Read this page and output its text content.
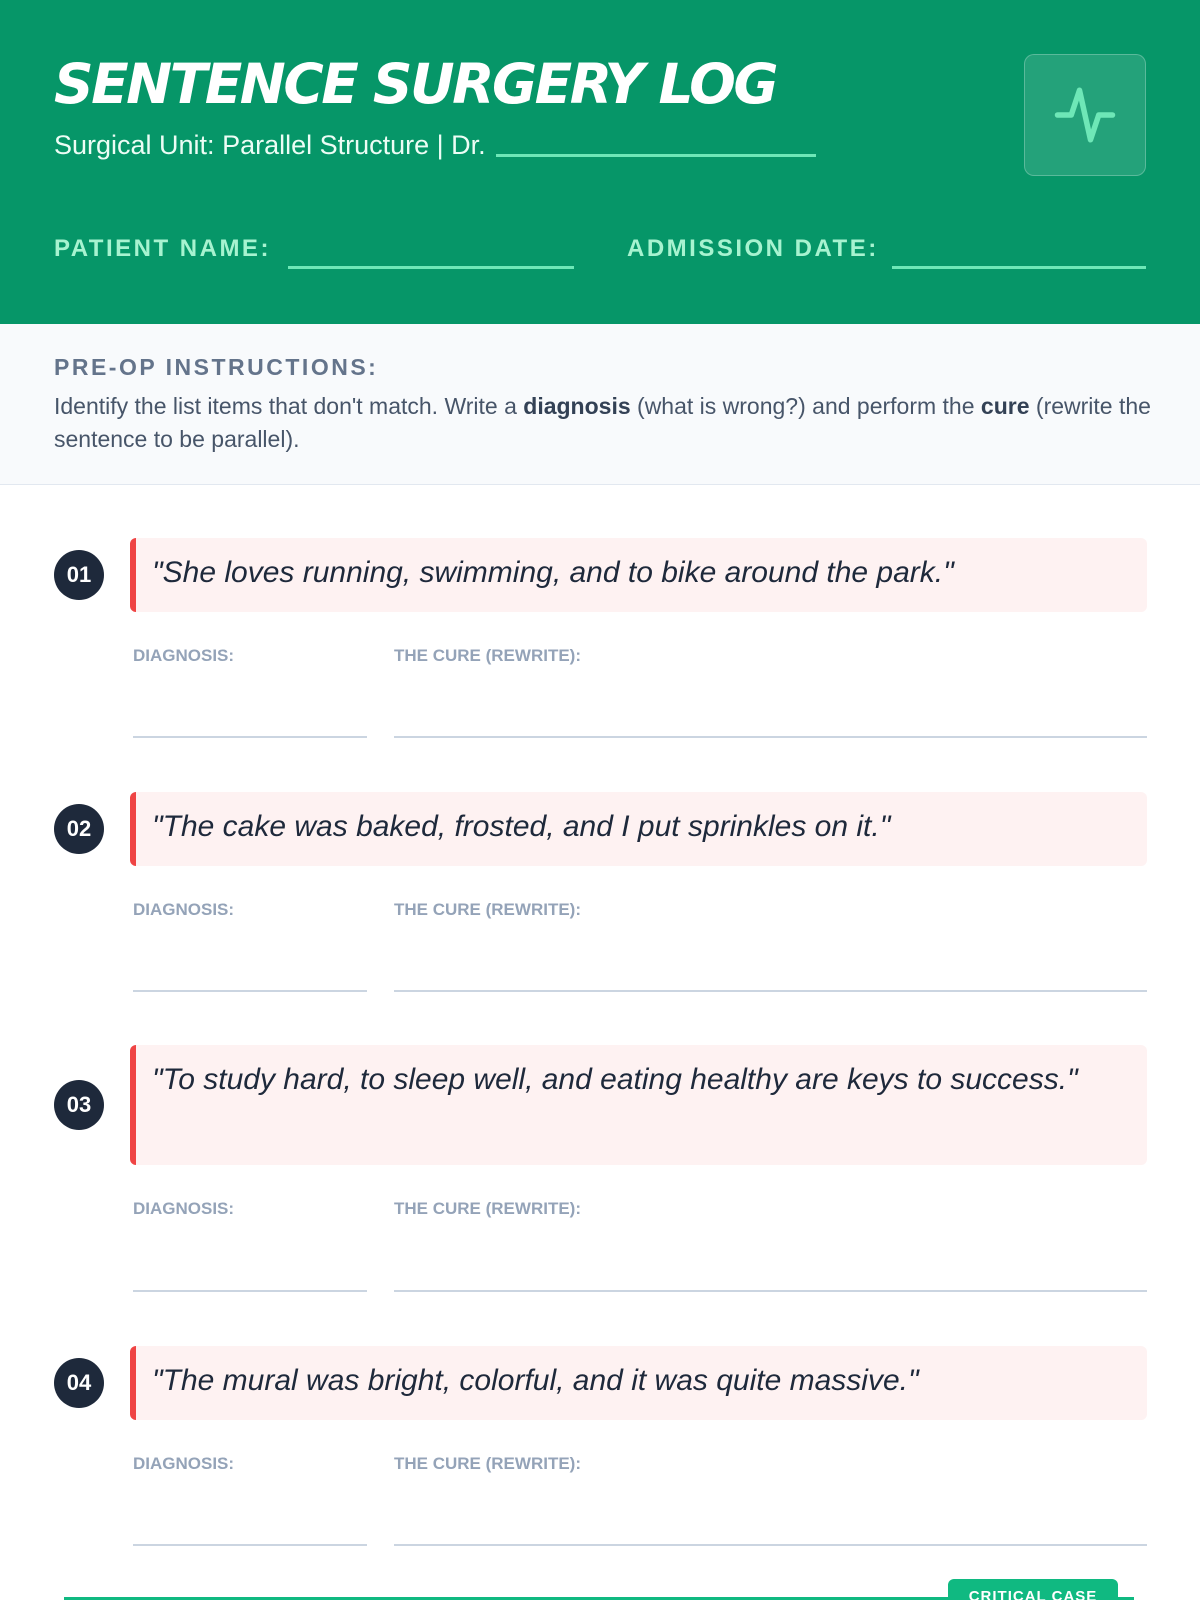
SENTENCE SURGERY LOG
Surgical Unit: Parallel Structure | Dr.
PATIENT NAME:	ADMISSION DATE:
PRE-OP INSTRUCTIONS:
Identify the list items that don't match. Write a diagnosis (what is wrong?) and perform the cure (rewrite the sentence to be parallel).
01	"She loves running, swimming, and to bike around the park."
DIAGNOSIS:	THE CURE (REWRITE):
02	"The cake was baked, frosted, and I put sprinkles on it."
DIAGNOSIS:	THE CURE (REWRITE):
03
"To study hard, to sleep well, and eating healthy are keys to success."
DIAGNOSIS:	THE CURE (REWRITE):
04	"The mural was bright, colorful, and it was quite massive."
DIAGNOSIS:	THE CURE (REWRITE):
CRITICAL CASE
